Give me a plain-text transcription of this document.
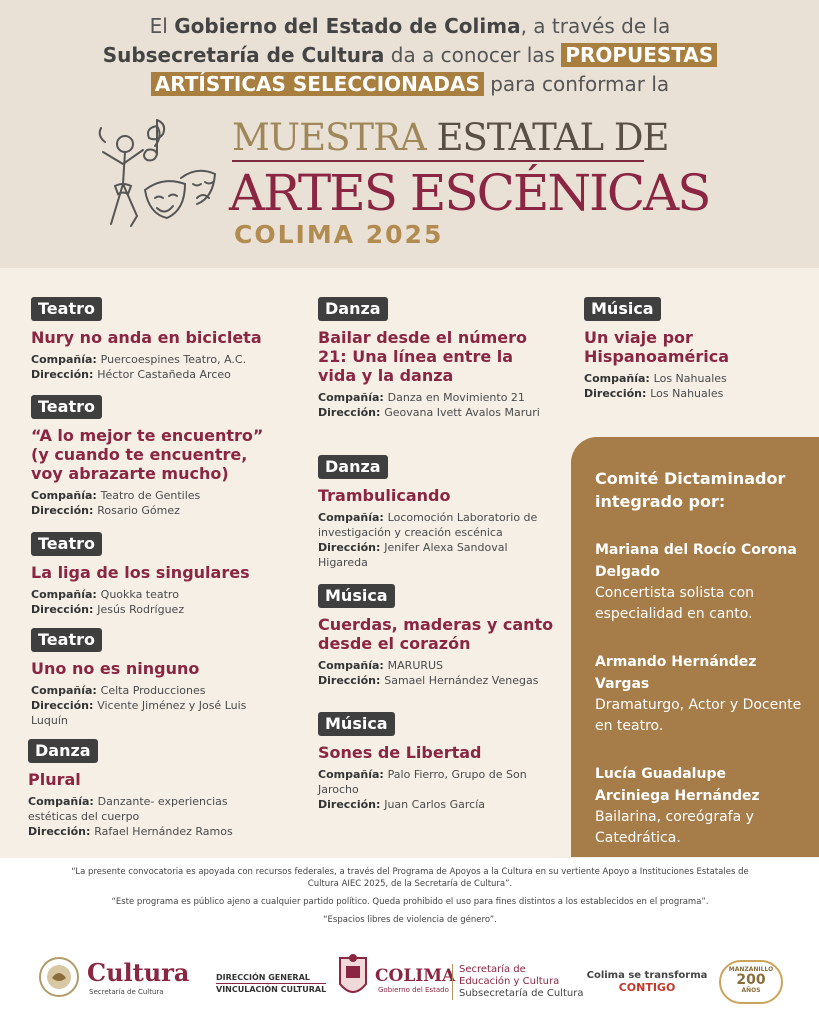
El Gobierno del Estado de Colima, a través de la
Subsecretaría de Cultura da a conocer las PROPUESTAS
ARTÍSTICAS SELECCIONADAS para conformar la
MUESTRA ESTATAL DE
ARTES ESCÉNICAS
COLIMA 2025
Teatro
Nury no anda en bicicleta
Compañía: Puercoespines Teatro, A.C.
Dirección: Héctor Castañeda Arceo
Teatro
“A lo mejor te encuentro” (y cuando te encuentre, voy abrazarte mucho)
Compañía: Teatro de Gentiles
Dirección: Rosario Gómez
Teatro
La liga de los singulares
Compañía: Quokka teatro
Dirección: Jesús Rodríguez
Teatro
Uno no es ninguno
Compañía: Celta Producciones
Dirección: Vicente Jiménez y José Luis Luquín
Danza
Plural
Compañía: Danzante- experiencias estéticas del cuerpo
Dirección: Rafael Hernández Ramos
Danza
Bailar desde el número 21: Una línea entre la vida y la danza
Compañía: Danza en Movimiento 21
Dirección: Geovana Ivett Avalos Maruri
Danza
Trambulicando
Compañía: Locomoción Laboratorio de investigación y creación escénica
Dirección: Jenifer Alexa Sandoval Higareda
Música
Cuerdas, maderas y canto desde el corazón
Compañía: MARURUS
Dirección: Samael Hernández Venegas
Música
Sones de Libertad
Compañía: Palo Fierro, Grupo de Son Jarocho
Dirección: Juan Carlos García
Música
Un viaje por Hispanoamérica
Compañía: Los Nahuales
Dirección: Los Nahuales
Comité Dictaminador integrado por:
Mariana del Rocío Corona Delgado
Concertista solista con especialidad en canto.
Armando Hernández Vargas
Dramaturgo, Actor y Docente en teatro.
Lucía Guadalupe Arciniega Hernández
Bailarina, coreógrafa y Catedrática.

“La presente convocatoria es apoyada con recursos federales, a través del Programa de Apoyos a la Cultura en su vertiente Apoyo a Instituciones Estatales de Cultura AIEC 2025, de la Secretaría de Cultura”.

“Este programa es público ajeno a cualquier partido político. Queda prohibido el uso para fines distintos a los establecidos en el programa”.

“Espacios libres de violencia de género”.

Cultura
Secretaría de Cultura
DIRECCIÓN GENERAL
VINCULACIÓN CULTURAL
COLIMA
Gobierno del Estado
Secretaría de
Educación y Cultura
Subsecretaría de Cultura
Colima se transforma
CONTIGO
MANZANILLO
200
AÑOS
